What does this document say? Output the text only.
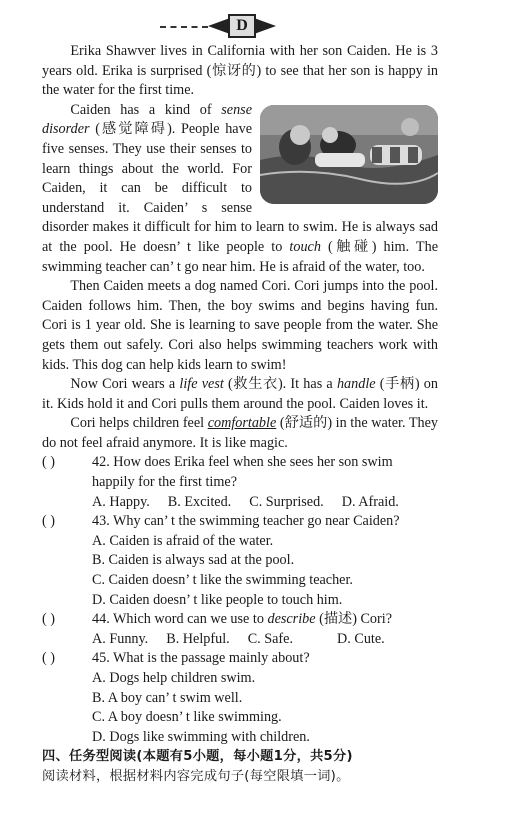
D

Erika Shawver lives in California with her son Caiden. He is 3 years old. Erika is surprised (惊讶的) to see that her son is happy in the water for the first time.

Caiden has a kind of sense disorder (感觉障碍). People have five senses. They use their senses to learn things about the world. For Caiden, it can be difficult to understand it. Caiden’ s sense disorder makes it difficult for him to learn to swim. He is always sad at the pool. He doesn’ t like people to touch (触碰) him. The swimming teacher can’ t go near him. He is afraid of the water, too.

Then Caiden meets a dog named Cori. Cori jumps into the pool. Caiden follows him. Then, the boy swims and begins having fun. Cori is 1 year old. She is learning to save people from the water. She gets them out safely. Cori also helps swimming teachers work with kids. This dog can help kids learn to swim!

Now Cori wears a life vest (救生衣). It has a handle (手柄) on it. Kids hold it and Cori pulls them around the pool. Caiden loves it.

Cori helps children feel comfortable (舒适的) in the water. They do not feel afraid anymore. It is like magic.

( )	42. How does Erika feel when she sees her son swim happily for the first time?
A. Happy. B. Excited. C. Surprised. D. Afraid.
( )	43. Why can’ t the swimming teacher go near Caiden?

A. Caiden is afraid of the water.

B. Caiden is always sad at the pool.

C. Caiden doesn’ t like the swimming teacher.

D. Caiden doesn’ t like people to touch him.

( )	44. Which word can we use to describe (描述) Cori?
A. Funny. B. Helpful. C. Safe.	D. Cute.
( )	45. What is the passage mainly about?

A. Dogs help children swim.

B. A boy can’ t swim well.

C. A boy doesn’ t like swimming.

D. Dogs like swimming with children.

四、任务型阅读(本题有5小题，每小题1分，共5分)

阅读材料，根据材料内容完成句子(每空限填一词)。
